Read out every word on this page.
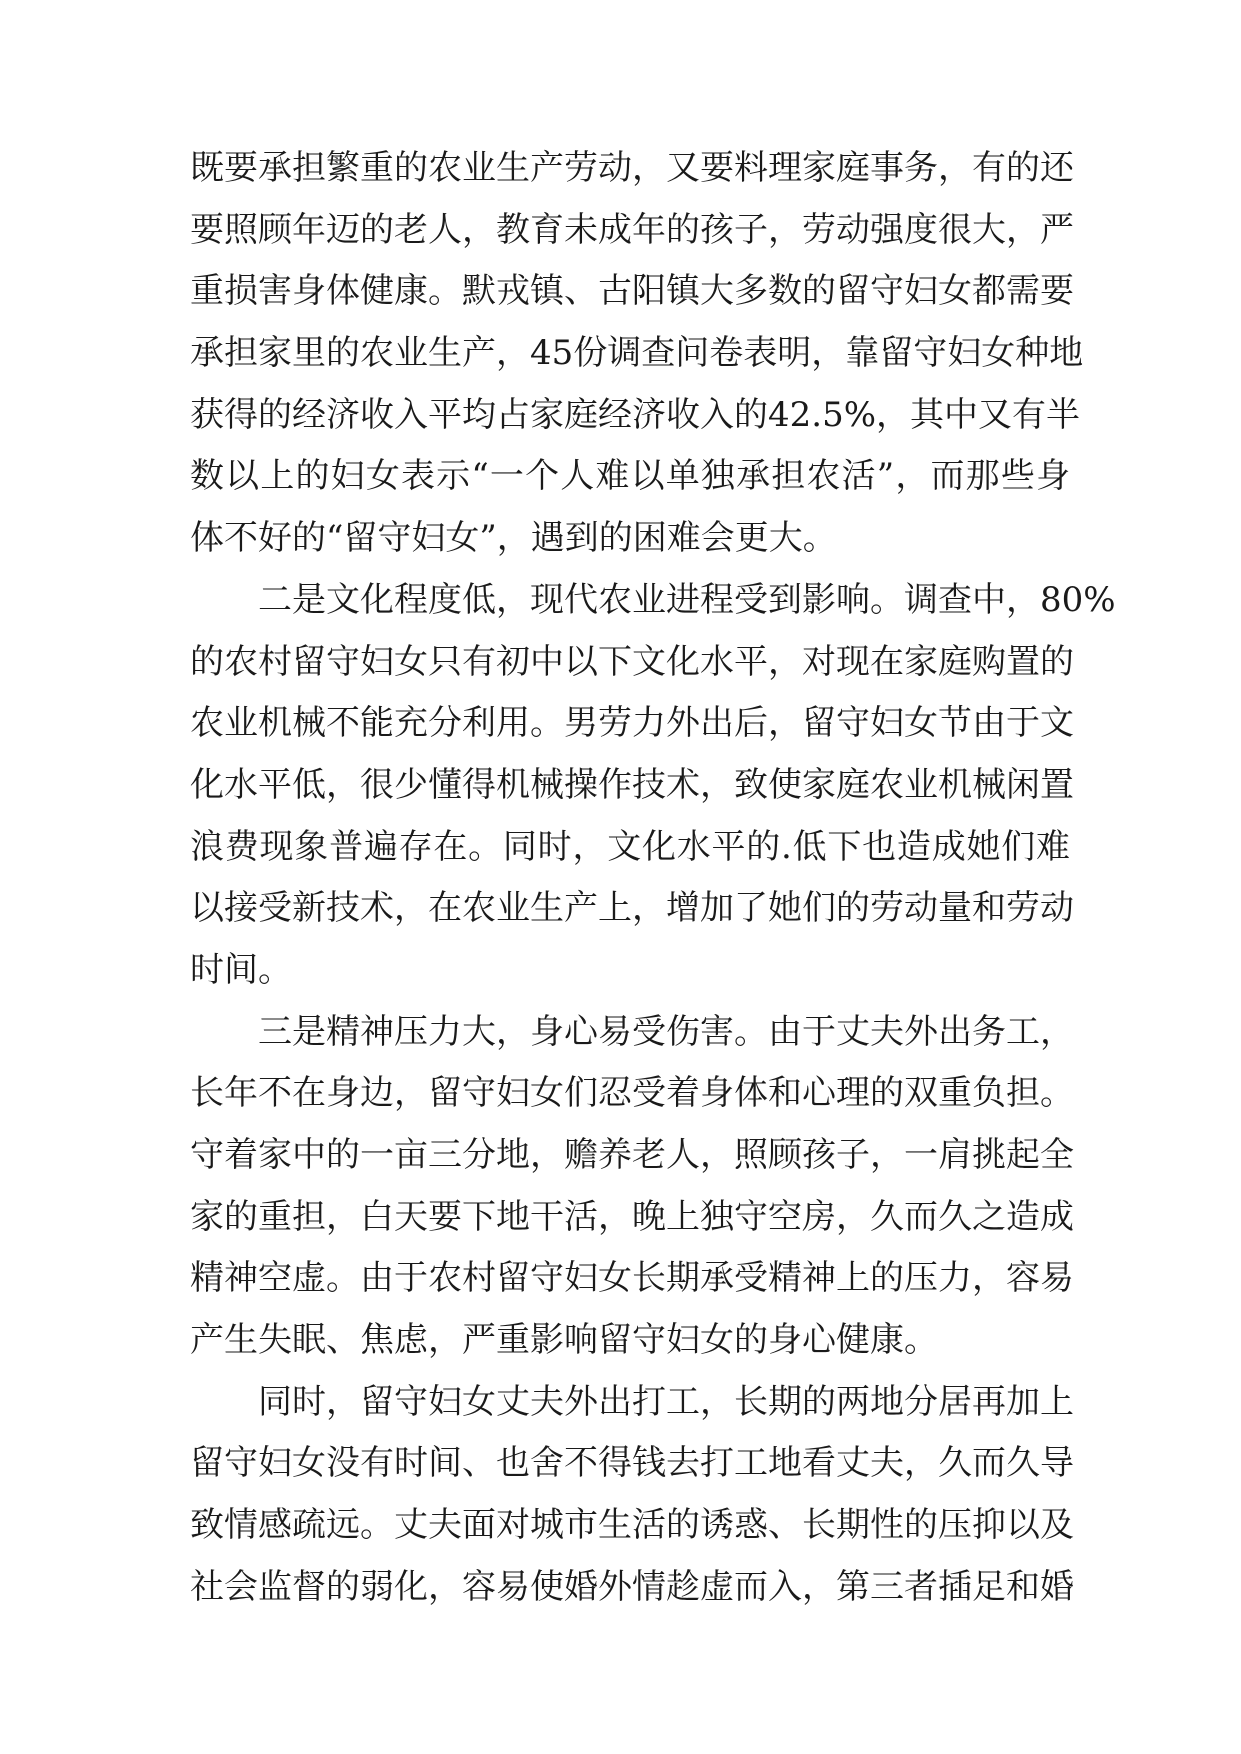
既要承担繁重的农业生产劳动，又要料理家庭事务，有的还
要照顾年迈的老人，教育未成年的孩子，劳动强度很大，严
重损害身体健康。默戎镇、古阳镇大多数的留守妇女都需要
承担家里的农业生产，45份调查问卷表明，靠留守妇女种地
获得的经济收入平均占家庭经济收入的42.5%，其中又有半
数以上的妇女表示“一个人难以单独承担农活”，而那些身
体不好的“留守妇女”，遇到的困难会更大。
二是文化程度低，现代农业进程受到影响。调查中，80%
的农村留守妇女只有初中以下文化水平，对现在家庭购置的
农业机械不能充分利用。男劳力外出后，留守妇女节由于文
化水平低，很少懂得机械操作技术，致使家庭农业机械闲置
浪费现象普遍存在。同时，文化水平的.低下也造成她们难
以接受新技术，在农业生产上，增加了她们的劳动量和劳动
时间。
三是精神压力大，身心易受伤害。由于丈夫外出务工，
长年不在身边，留守妇女们忍受着身体和心理的双重负担。
守着家中的一亩三分地，赡养老人，照顾孩子，一肩挑起全
家的重担，白天要下地干活，晚上独守空房，久而久之造成
精神空虚。由于农村留守妇女长期承受精神上的压力，容易
产生失眠、焦虑，严重影响留守妇女的身心健康。
同时，留守妇女丈夫外出打工，长期的两地分居再加上
留守妇女没有时间、也舍不得钱去打工地看丈夫，久而久导
致情感疏远。丈夫面对城市生活的诱惑、长期性的压抑以及
社会监督的弱化，容易使婚外情趁虚而入，第三者插足和婚
